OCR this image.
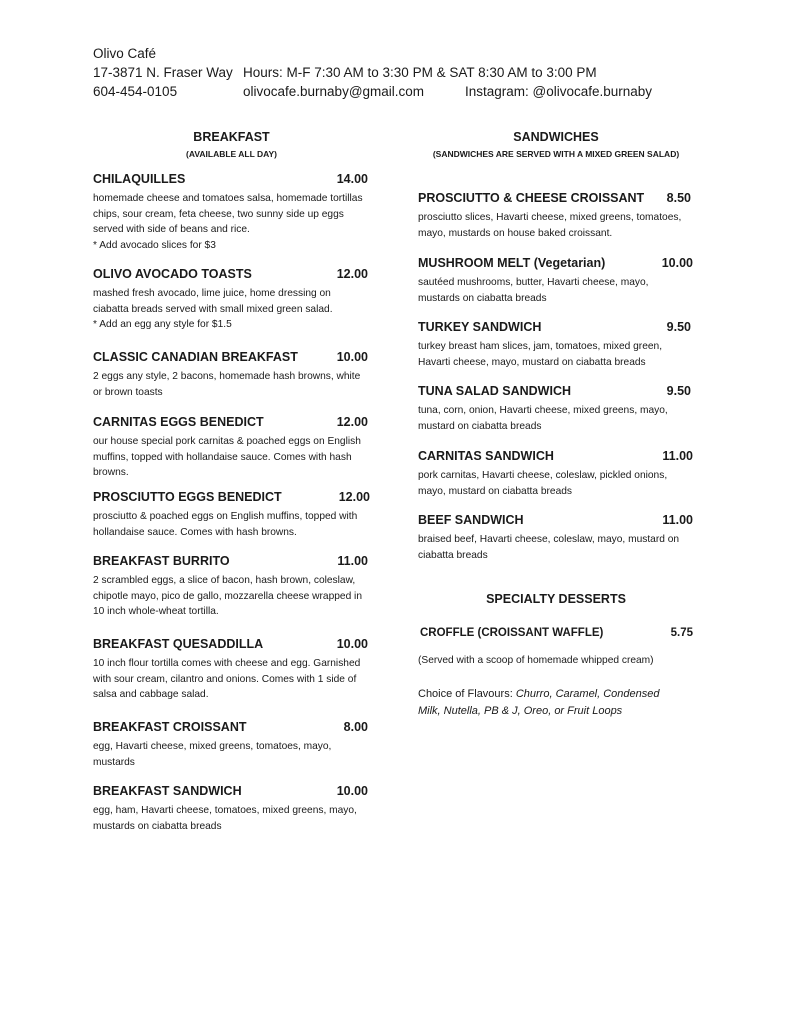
Olivo Café
17-3871 N. Fraser Way Hours: M-F 7:30 AM to 3:30 PM & SAT 8:30 AM to 3:00 PM
604-454-0105	olivocafe.burnaby@gmail.com	Instagram: @olivocafe.burnaby
BREAKFAST
(AVAILABLE ALL DAY)
CHILAQUILLES	14.00
homemade cheese and tomatoes salsa, homemade tortillas chips, sour cream, feta cheese, two sunny side up eggs served with side of beans and rice.
* Add avocado slices for $3
OLIVO AVOCADO TOASTS	12.00
mashed fresh avocado, lime juice, home dressing on ciabatta breads served with small mixed green salad.
* Add an egg any style for $1.5
CLASSIC CANADIAN BREAKFAST	10.00
2 eggs any style, 2 bacons, homemade hash browns, white or brown toasts
CARNITAS EGGS BENEDICT	12.00
our house special pork carnitas & poached eggs on English muffins, topped with hollandaise sauce. Comes with hash browns.
PROSCIUTTO EGGS BENEDICT	12.00
prosciutto & poached eggs on English muffins, topped with hollandaise sauce. Comes with hash browns.
BREAKFAST BURRITO	11.00
2 scrambled eggs, a slice of bacon, hash brown, coleslaw, chipotle mayo, pico de gallo, mozzarella cheese wrapped in 10 inch whole-wheat tortilla.
BREAKFAST QUESADDILLA	10.00
10 inch flour tortilla comes with cheese and egg. Garnished with sour cream, cilantro and onions. Comes with 1 side of salsa and cabbage salad.
BREAKFAST CROISSANT	8.00
egg, Havarti cheese, mixed greens, tomatoes, mayo, mustards
BREAKFAST SANDWICH	10.00
egg, ham, Havarti cheese, tomatoes, mixed greens, mayo, mustards on ciabatta breads
SANDWICHES
(SANDWICHES ARE SERVED WITH A MIXED GREEN SALAD)
PROSCIUTTO & CHEESE CROISSANT 8.50
prosciutto slices, Havarti cheese, mixed greens, tomatoes, mayo, mustards on house baked croissant.
MUSHROOM MELT (Vegetarian)	10.00
sautéed mushrooms, butter, Havarti cheese, mayo, mustards on ciabatta breads
TURKEY SANDWICH	9.50
turkey breast ham slices, jam, tomatoes, mixed green, Havarti cheese, mayo, mustard on ciabatta breads
TUNA SALAD SANDWICH	9.50
tuna, corn, onion, Havarti cheese, mixed greens, mayo, mustard on ciabatta breads
CARNITAS SANDWICH	11.00
pork carnitas, Havarti cheese, coleslaw, pickled onions, mayo, mustard on ciabatta breads
BEEF SANDWICH	11.00
braised beef, Havarti cheese, coleslaw, mayo, mustard on ciabatta breads
SPECIALTY DESSERTS
CROFFLE (CROISSANT WAFFLE)	5.75
(Served with a scoop of homemade whipped cream)
Choice of Flavours: Churro, Caramel, Condensed Milk, Nutella, PB & J, Oreo, or Fruit Loops
